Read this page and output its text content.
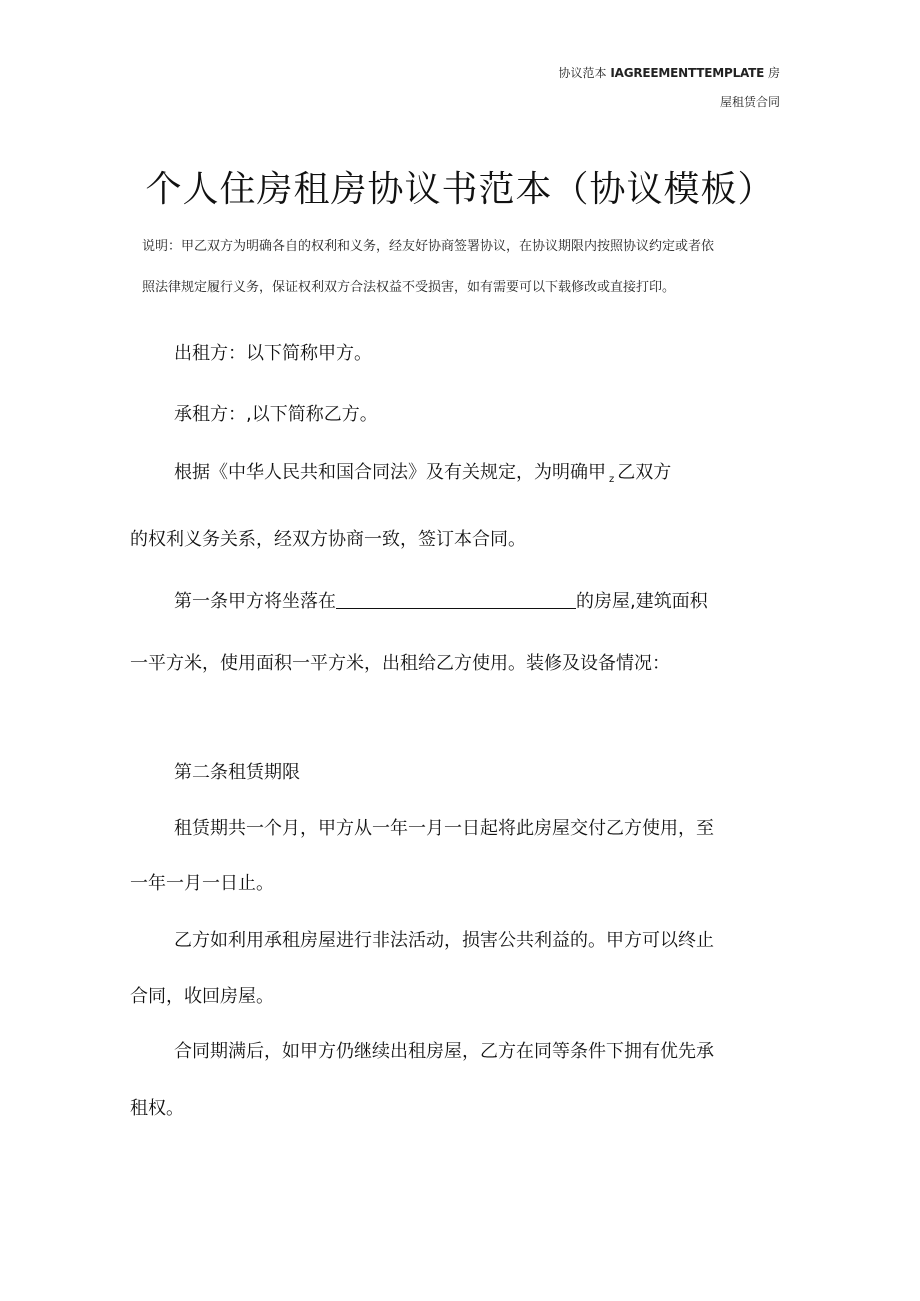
协议范本 IAGREEMENTTEMPLATE 房
屋租赁合同
个人住房租房协议书范本（协议模板）
说明：甲乙双方为明确各自的权利和义务，经友好协商签署协议，在协议期限内按照协议约定或者依
照法律规定履行义务，保证权利双方合法权益不受损害，如有需要可以下载修改或直接打印。
出租方：以下简称甲方。
承租方：,以下简称乙方。
根据《中华人民共和国合同法》及有关规定，为明确甲 $_z$ 乙双方
的权利义务关系，经双方协商一致，签订本合同。
第一条甲方将坐落在	的房屋,建筑面积
一平方米，使用面积一平方米，出租给乙方使用。装修及设备情况：
第二条租赁期限
租赁期共一个月，甲方从一年一月一日起将此房屋交付乙方使用，至
一年一月一日止。
乙方如利用承租房屋进行非法活动，损害公共利益的。甲方可以终止
合同，收回房屋。
合同期满后，如甲方仍继续出租房屋，乙方在同等条件下拥有优先承
租权。
